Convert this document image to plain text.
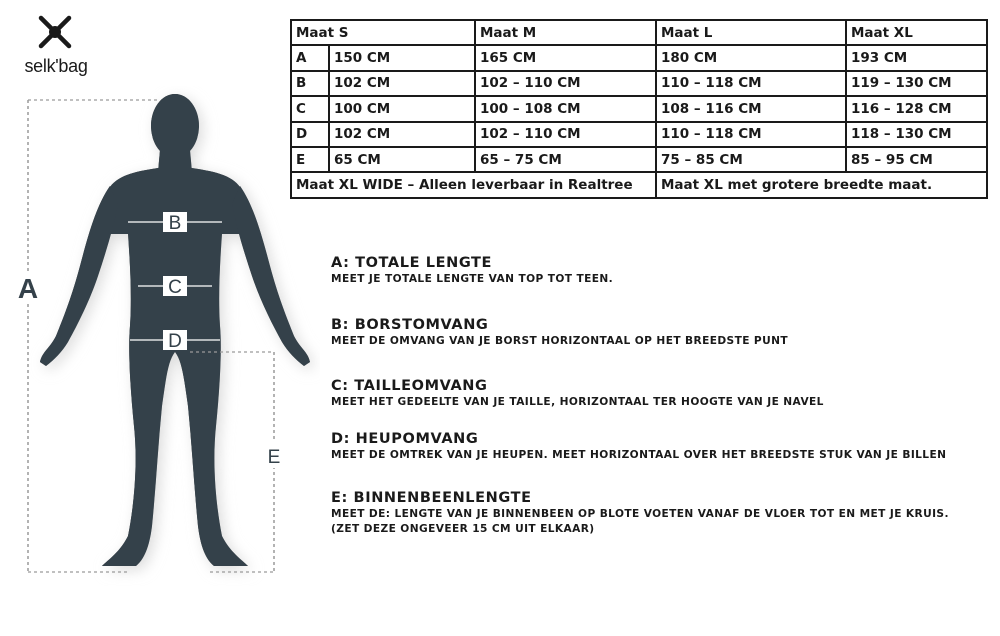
selk'bag
B
C
D
A
E
Maat S		Maat M	Maat L	Maat XL
A	150 CM	165 CM	180 CM	193 CM
B	102 CM	102 – 110 CM	110 – 118 CM	119 – 130 CM
C	100 CM	100 – 108 CM	108 – 116 CM	116 – 128 CM
D	102 CM	102 – 110 CM	110 – 118 CM	118 – 130 CM
E	65 CM	65 – 75 CM	75 – 85 CM	85 – 95 CM
Maat XL WIDE – Alleen leverbaar in Realtree			Maat XL met grotere breedte maat.	
A: TOTALE LENGTE

MEET JE TOTALE LENGTE VAN TOP TOT TEEN.

B: BORSTOMVANG

MEET DE OMVANG VAN JE BORST HORIZONTAAL OP HET BREEDSTE PUNT

C: TAILLEOMVANG

MEET HET GEDEELTE VAN JE TAILLE, HORIZONTAAL TER HOOGTE VAN JE NAVEL

D: HEUPOMVANG

MEET DE OMTREK VAN JE HEUPEN. MEET HORIZONTAAL OVER HET BREEDSTE STUK VAN JE BILLEN

E: BINNENBEENLENGTE

MEET DE: LENGTE VAN JE BINNENBEEN OP BLOTE VOETEN VANAF DE VLOER TOT EN MET JE KRUIS.

(ZET DEZE ONGEVEER 15 CM UIT ELKAAR)
